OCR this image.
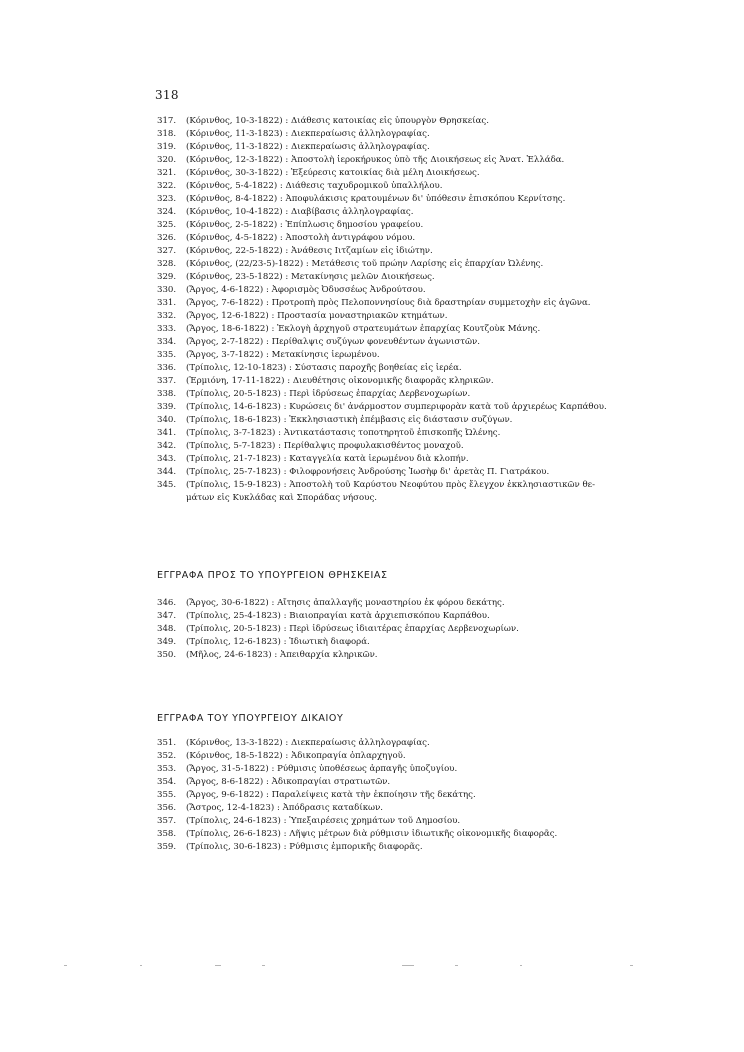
318
317.	(Κόρινθος, 10-3-1822) : Διάθεσις κατοικίας εἰς ὑπουργὸν Θρησκείας.
318.	(Κόρινθος, 11-3-1823) : Διεκπεραίωσις ἀλληλογραφίας.
319.	(Κόρινθος, 11-3-1822) : Διεκπεραίωσις ἀλληλογραφίας.
320.	(Κόρινθος, 12-3-1822) : Ἀποστολὴ ἱεροκήρυκος ὑπὸ τῆς Διοικήσεως εἰς Ἀνατ. Ἑλλάδα.
321.	(Κόρινθος, 30-3-1822) : Ἐξεύρεσις κατοικίας διὰ μέλη Διοικήσεως.
322.	(Κόρινθος, 5-4-1822) : Διάθεσις ταχυδρομικοῦ ὑπαλλήλου.
323.	(Κόρινθος, 8-4-1822) : Ἀποφυλάκισις κρατουμένων δι' ὑπόθεσιν ἐπισκόπου Κερνίτσης.
324.	(Κόρινθος, 10-4-1822) : Διαβίβασις ἀλληλογραφίας.
325.	(Κόρινθος, 2-5-1822) : Ἐπίπλωσις δημοσίου γραφείου.
326.	(Κόρινθος, 4-5-1822) : Ἀποστολὴ ἀντιγράφου νόμου.
327.	(Κόρινθος, 22-5-1822) : Ἀνάθεσις Ιιτζαμίων εἰς ἰδιώτην.
328.	(Κόρινθος, (22/23-5)-1822) : Μετάθεσις τοῦ πρώην Λαρίσης εἰς ἐπαρχίαν Ὠλένης.
329.	(Κόρινθος, 23-5-1822) : Μετακίνησις μελῶν Διοικήσεως.
330.	(Ἄργος, 4-6-1822) : Ἀφορισμὸς Ὀδυσσέως Ἀνδρούτσου.
331.	(Ἄργος, 7-6-1822) : Προτροπὴ πρὸς Πελοποννησίους διὰ δραστηρίαν συμμετοχὴν εἰς ἀγῶνα.
332.	(Ἄργος, 12-6-1822) : Προστασία μοναστηριακῶν κτημάτων.
333.	(Ἄργος, 18-6-1822) : Ἐκλογὴ ἀρχηγοῦ στρατευμάτων ἐπαρχίας Κουτζοὺκ Μάνης.
334.	(Ἄργος, 2-7-1822) : Περίθαλψις συζύγων φονευθέντων ἀγωνιστῶν.
335.	(Ἄργος, 3-7-1822) : Μετακίνησις ἱερωμένου.
336.	(Τρίπολις, 12-10-1823) : Σύστασις παροχῆς βοηθείας εἰς ἱερέα.
337.	(Ἑρμιόνη, 17-11-1822) : Διευθέτησις οἰκονομικῆς διαφορᾶς κληρικῶν.
338.	(Τρίπολις, 20-5-1823) : Περὶ ἱδρύσεως ἐπαρχίας Δερβενοχωρίων.
339.	(Τρίπολις, 14-6-1823) : Κυρώσεις δι' ἀνάρμοστον συμπεριφορὰν κατὰ τοῦ ἀρχιερέως Καρπάθου.
340.	(Τρίπολις, 18-6-1823) : Ἐκκλησιαστικὴ ἐπέμβασις εἰς διάστασιν συζύγων.
341.	(Τρίπολις, 3-7-1823) : Ἀντικατάστασις τοποτηρητοῦ ἐπισκοπῆς Ὠλένης.
342.	(Τρίπολις, 5-7-1823) : Περίθαλψις προφυλακισθέντος μοναχοῦ.
343.	(Τρίπολις, 21-7-1823) : Καταγγελία κατὰ ἱερωμένου διὰ κλοπήν.
344.	(Τρίπολις, 25-7-1823) : Φιλοφρονήσεις Ἀνδρούσης Ἰωσὴφ δι' ἀρετὰς Π. Γιατράκου.
345.	(Τρίπολις, 15-9-1823) : Ἀποστολὴ τοῦ Καρύστου Νεοφύτου πρὸς ἔλεγχον ἐκκλησιαστικῶν θε-
μάτων εἰς Κυκλάδας καὶ Σποράδας νήσους.
ΕΓΓΡΑΦΑ ΠΡΟΣ ΤΟ ΥΠΟΥΡΓΕΙΟΝ ΘΡΗΣΚΕΙΑΣ
346.	(Ἄργος, 30-6-1822) : Αἴτησις ἀπαλλαγῆς μοναστηρίου ἐκ φόρου δεκάτης.
347.	(Τρίπολις, 25-4-1823) : Βιαιοπραγίαι κατὰ ἀρχιεπισκόπου Καρπάθου.
348.	(Τρίπολις, 20-5-1823) : Περὶ ἱδρύσεως ἰδιαιτέρας ἐπαρχίας Δερβενοχωρίων.
349.	(Τρίπολις, 12-6-1823) : Ἰδιωτικὴ διαφορά.
350.	(Μῆλος, 24-6-1823) : Ἀπειθαρχία κληρικῶν.
ΕΓΓΡΑΦΑ ΤΟΥ ΥΠΟΥΡΓΕΙΟΥ ΔΙΚΑΙΟΥ
351.	(Κόρινθος, 13-3-1822) : Διεκπεραίωσις ἀλληλογραφίας.
352.	(Κόρινθος, 18-5-1822) : Ἀδικοπραγία ὁπλαρχηγοῦ.
353.	(Ἄργος, 31-5-1822) : Ρύθμισις ὑποθέσεως ἁρπαγῆς ὑποζυγίου.
354.	(Ἄργος, 8-6-1822) : Ἀδικοπραγίαι στρατιωτῶν.
355.	(Ἄργος, 9-6-1822) : Παραλείψεις κατὰ τὴν ἐκποίησιν τῆς δεκάτης.
356.	(Ἄστρος, 12-4-1823) : Ἀπόδρασις καταδίκων.
357.	(Τρίπολις, 24-6-1823) : Ὑπεξαιρέσεις χρημάτων τοῦ Δημοσίου.
358.	(Τρίπολις, 26-6-1823) : Λῆψις μέτρων διὰ ρύθμισιν ἰδιωτικῆς οἰκονομικῆς διαφορᾶς.
359.	(Τρίπολις, 30-6-1823) : Ρύθμισις ἐμπορικῆς διαφορᾶς.
